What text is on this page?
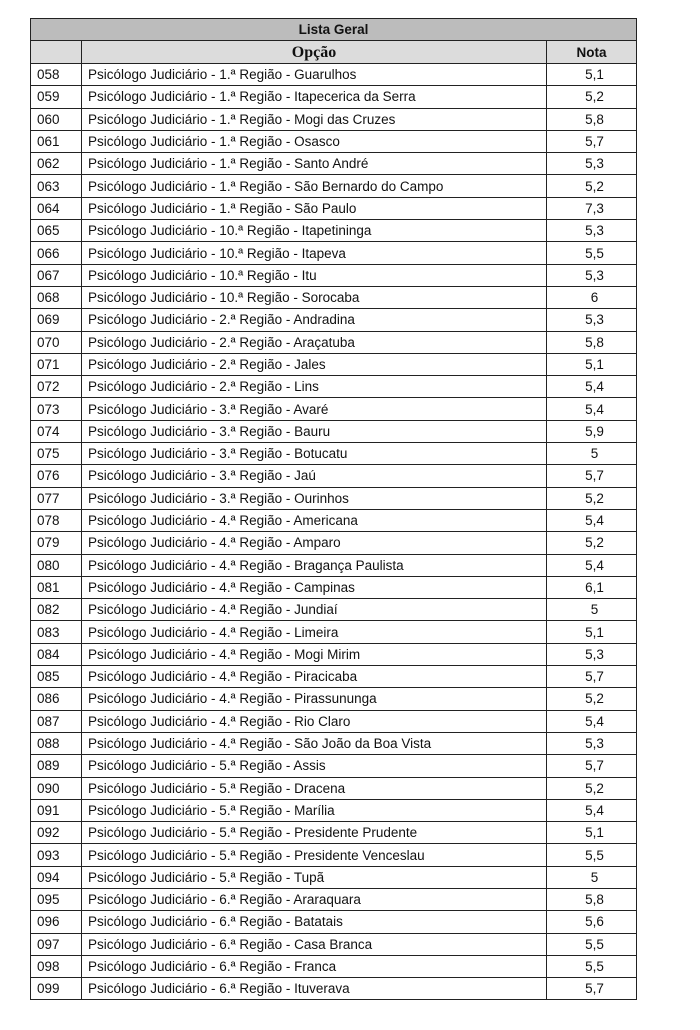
Lista Geral		
	Opção	Nota
058	Psicólogo Judiciário - 1.ª Região - Guarulhos	5,1
059	Psicólogo Judiciário - 1.ª Região - Itapecerica da Serra	5,2
060	Psicólogo Judiciário - 1.ª Região - Mogi das Cruzes	5,8
061	Psicólogo Judiciário - 1.ª Região - Osasco	5,7
062	Psicólogo Judiciário - 1.ª Região - Santo André	5,3
063	Psicólogo Judiciário - 1.ª Região - São Bernardo do Campo	5,2
064	Psicólogo Judiciário - 1.ª Região - São Paulo	7,3
065	Psicólogo Judiciário - 10.ª Região - Itapetininga	5,3
066	Psicólogo Judiciário - 10.ª Região - Itapeva	5,5
067	Psicólogo Judiciário - 10.ª Região - Itu	5,3
068	Psicólogo Judiciário - 10.ª Região - Sorocaba	6
069	Psicólogo Judiciário - 2.ª Região - Andradina	5,3
070	Psicólogo Judiciário - 2.ª Região - Araçatuba	5,8
071	Psicólogo Judiciário - 2.ª Região - Jales	5,1
072	Psicólogo Judiciário - 2.ª Região - Lins	5,4
073	Psicólogo Judiciário - 3.ª Região - Avaré	5,4
074	Psicólogo Judiciário - 3.ª Região - Bauru	5,9
075	Psicólogo Judiciário - 3.ª Região - Botucatu	5
076	Psicólogo Judiciário - 3.ª Região - Jaú	5,7
077	Psicólogo Judiciário - 3.ª Região - Ourinhos	5,2
078	Psicólogo Judiciário - 4.ª Região - Americana	5,4
079	Psicólogo Judiciário - 4.ª Região - Amparo	5,2
080	Psicólogo Judiciário - 4.ª Região - Bragança Paulista	5,4
081	Psicólogo Judiciário - 4.ª Região - Campinas	6,1
082	Psicólogo Judiciário - 4.ª Região - Jundiaí	5
083	Psicólogo Judiciário - 4.ª Região - Limeira	5,1
084	Psicólogo Judiciário - 4.ª Região - Mogi Mirim	5,3
085	Psicólogo Judiciário - 4.ª Região - Piracicaba	5,7
086	Psicólogo Judiciário - 4.ª Região - Pirassununga	5,2
087	Psicólogo Judiciário - 4.ª Região - Rio Claro	5,4
088	Psicólogo Judiciário - 4.ª Região - São João da Boa Vista	5,3
089	Psicólogo Judiciário - 5.ª Região - Assis	5,7
090	Psicólogo Judiciário - 5.ª Região - Dracena	5,2
091	Psicólogo Judiciário - 5.ª Região - Marília	5,4
092	Psicólogo Judiciário - 5.ª Região - Presidente Prudente	5,1
093	Psicólogo Judiciário - 5.ª Região - Presidente Venceslau	5,5
094	Psicólogo Judiciário - 5.ª Região - Tupã	5
095	Psicólogo Judiciário - 6.ª Região - Araraquara	5,8
096	Psicólogo Judiciário - 6.ª Região - Batatais	5,6
097	Psicólogo Judiciário - 6.ª Região - Casa Branca	5,5
098	Psicólogo Judiciário - 6.ª Região - Franca	5,5
099	Psicólogo Judiciário - 6.ª Região - Ituverava	5,7
